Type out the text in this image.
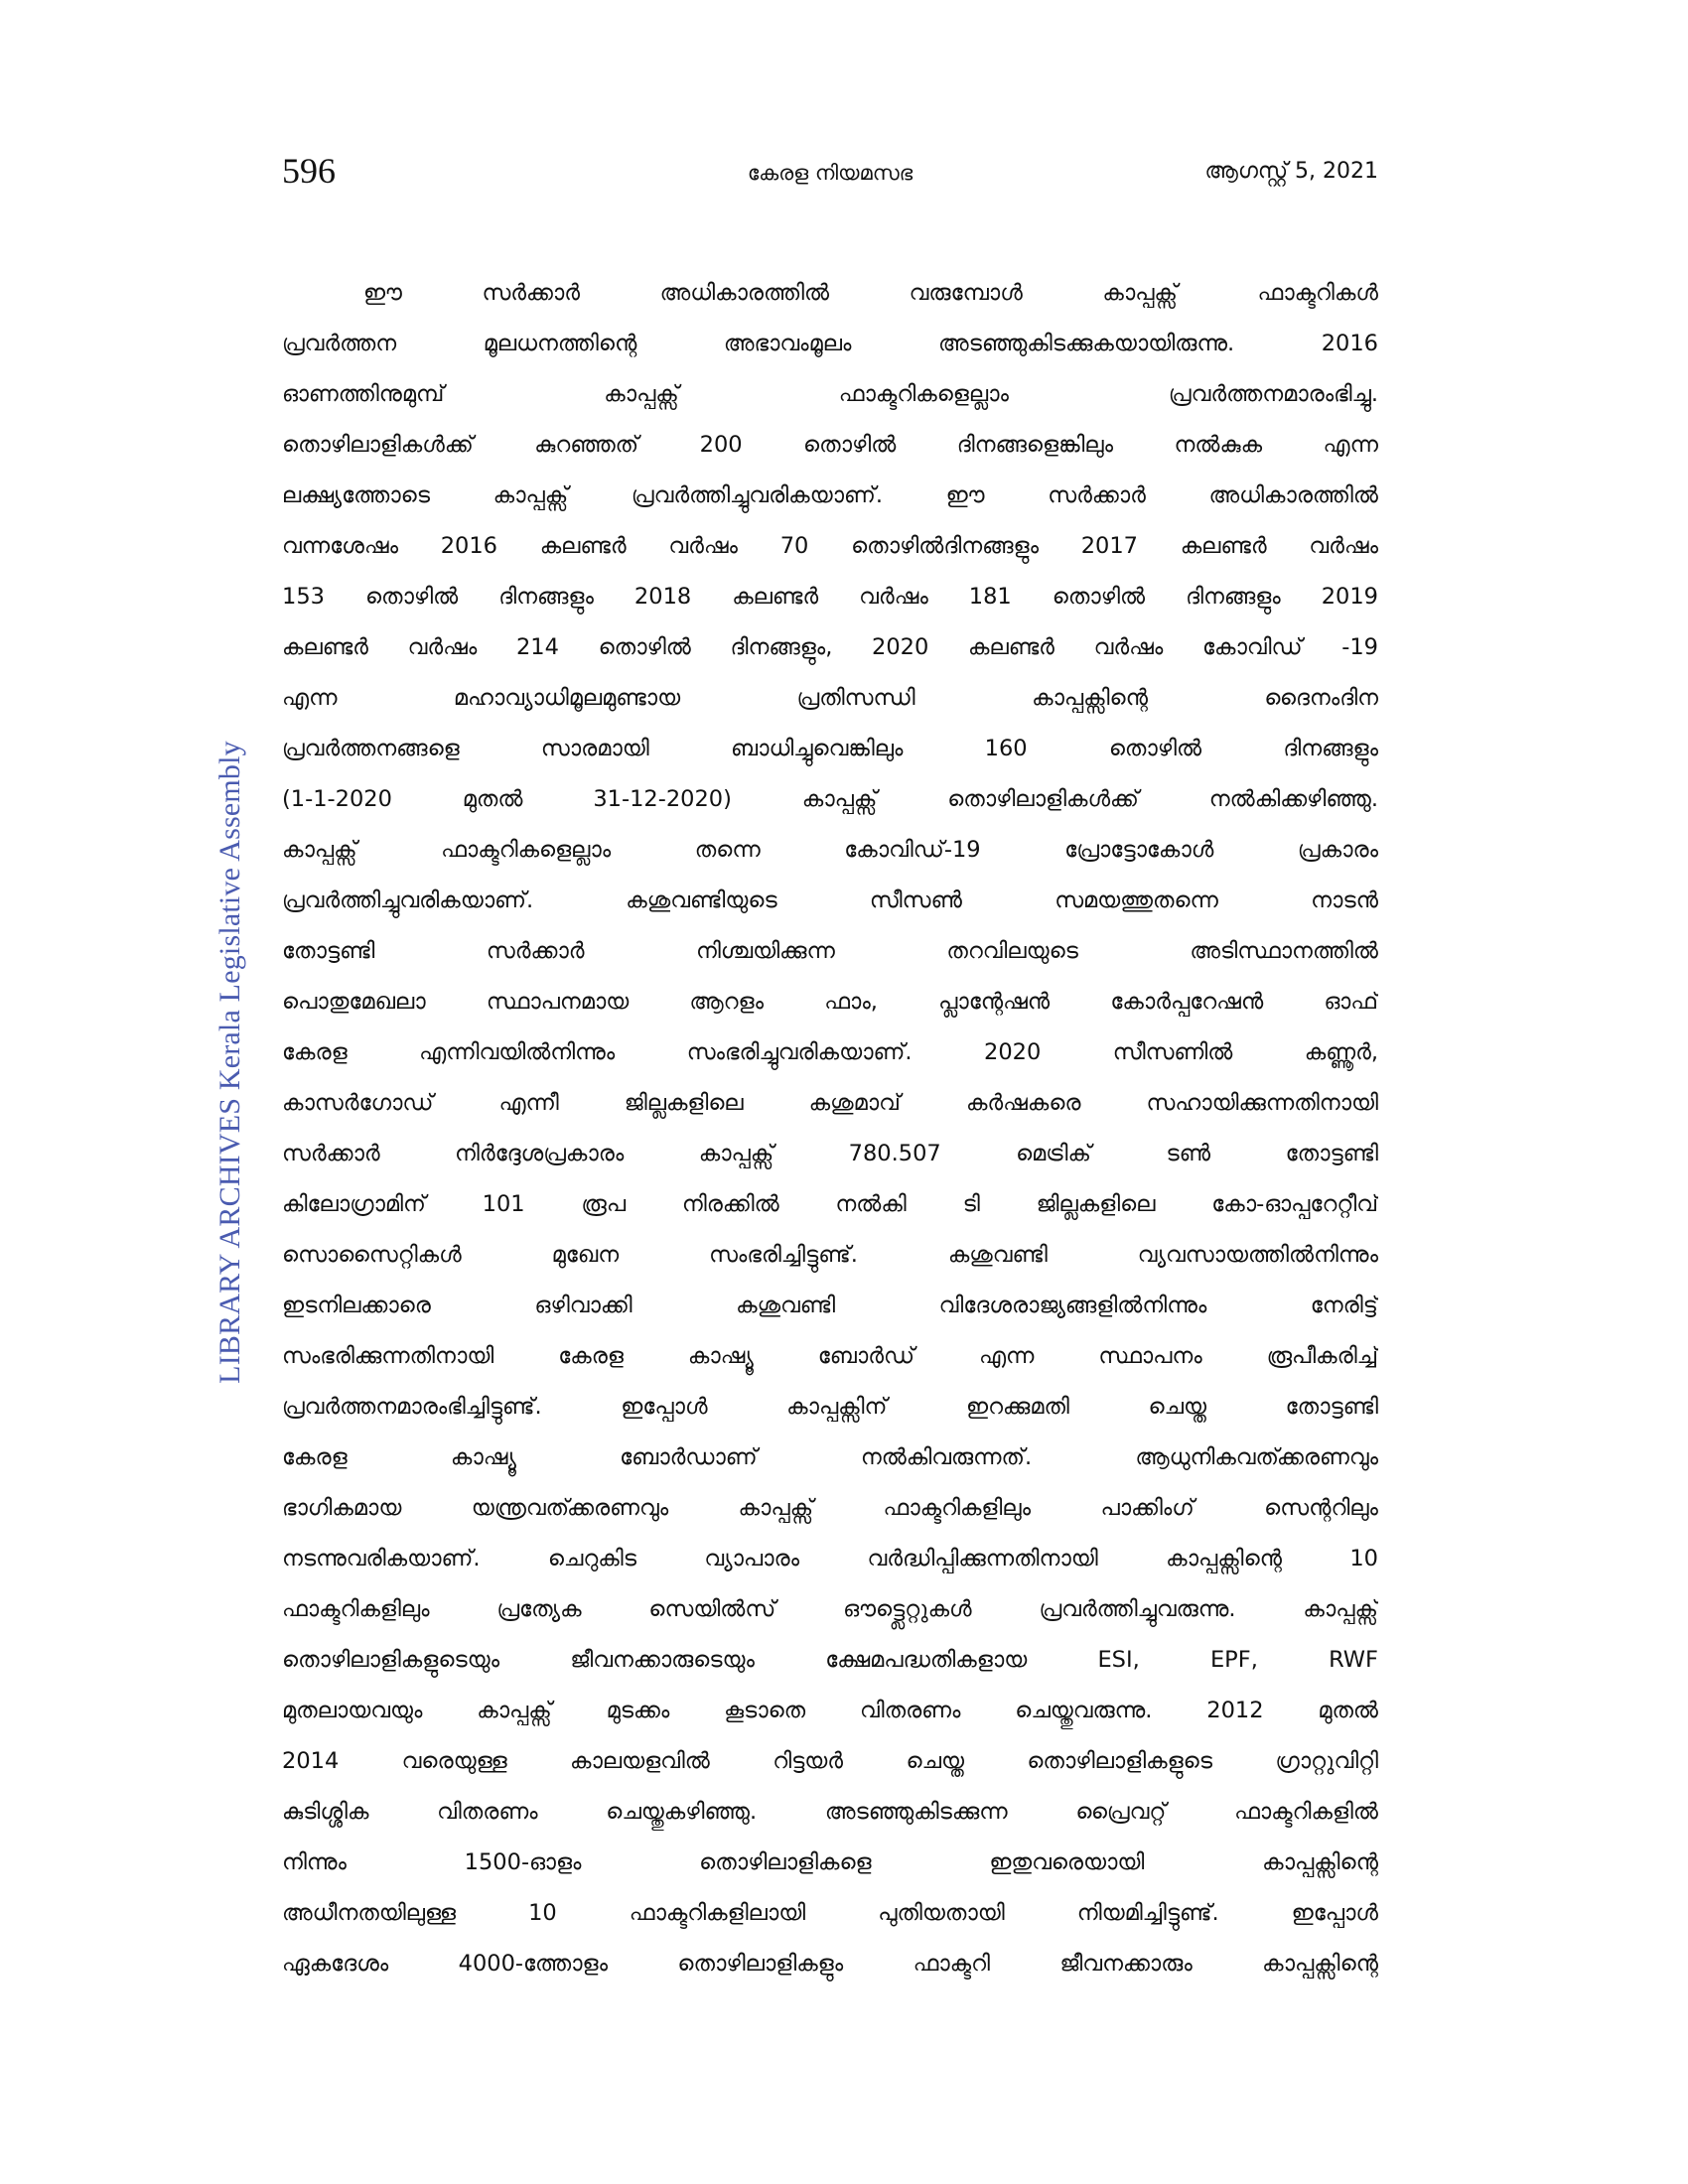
596	കേരള നിയമസഭ	ആഗസ്റ്റ് 5, 2021
LIBRARY ARCHIVES Kerala Legislative Assembly
ഈ സർക്കാർ അധികാരത്തിൽ വരുമ്പോൾ കാപ്പക്സ് ഫാക്ടറികൾ
പ്രവർത്തന മൂലധനത്തിന്റെ അഭാവംമൂലം അടഞ്ഞുകിടക്കുകയായിരുന്നു. 2016
ഓണത്തിനുമുമ്പ് കാപ്പക്സ് ഫാക്ടറികളെല്ലാം പ്രവർത്തനമാരംഭിച്ചു.
തൊഴിലാളികൾക്ക് കുറഞ്ഞത് 200 തൊഴിൽ ദിനങ്ങളെങ്കിലും നൽകുക എന്ന
ലക്ഷ്യത്തോടെ കാപ്പക്സ് പ്രവർത്തിച്ചുവരികയാണ്. ഈ സർക്കാർ അധികാരത്തിൽ
വന്നശേഷം 2016 കലണ്ടർ വർഷം 70 തൊഴിൽദിനങ്ങളും 2017 കലണ്ടർ വർഷം
153 തൊഴിൽ ദിനങ്ങളും 2018 കലണ്ടർ വർഷം 181 തൊഴിൽ ദിനങ്ങളും 2019
കലണ്ടർ വർഷം 214 തൊഴിൽ ദിനങ്ങളും, 2020 കലണ്ടർ വർഷം കോവിഡ് -19
എന്ന മഹാവ്യാധിമൂലമുണ്ടായ പ്രതിസന്ധി കാപ്പക്സിന്റെ ദൈനംദിന
പ്രവർത്തനങ്ങളെ സാരമായി ബാധിച്ചുവെങ്കിലും 160 തൊഴിൽ ദിനങ്ങളും
(1-1-2020 മുതൽ 31-12-2020) കാപ്പക്സ് തൊഴിലാളികൾക്ക് നൽകിക്കഴിഞ്ഞു.
കാപ്പക്സ് ഫാക്ടറികളെല്ലാം തന്നെ കോവിഡ്-19 പ്രോട്ടോകോൾ പ്രകാരം
പ്രവർത്തിച്ചുവരികയാണ്. കശുവണ്ടിയുടെ സീസൺ സമയത്തുതന്നെ നാടൻ
തോട്ടണ്ടി സർക്കാർ നിശ്ചയിക്കുന്ന തറവിലയുടെ അടിസ്ഥാനത്തിൽ
പൊതുമേഖലാ സ്ഥാപനമായ ആറളം ഫാം, പ്ലാന്റേഷൻ കോർപ്പറേഷൻ ഓഫ്
കേരള എന്നിവയിൽനിന്നും സംഭരിച്ചുവരികയാണ്. 2020 സീസണിൽ കണ്ണൂർ,
കാസർഗോഡ് എന്നീ ജില്ലകളിലെ കശുമാവ് കർഷകരെ സഹായിക്കുന്നതിനായി
സർക്കാർ നിർദ്ദേശപ്രകാരം കാപ്പക്സ് 780.507 മെട്രിക് ടൺ തോട്ടണ്ടി
കിലോഗ്രാമിന് 101 രൂപ നിരക്കിൽ നൽകി ടി ജില്ലകളിലെ കോ-ഓപ്പറേറ്റീവ്
സൊസൈറ്റികൾ മുഖേന സംഭരിച്ചിട്ടുണ്ട്. കശുവണ്ടി വ്യവസായത്തിൽനിന്നും
ഇടനിലക്കാരെ ഒഴിവാക്കി കശുവണ്ടി വിദേശരാജ്യങ്ങളിൽനിന്നും നേരിട്ട്
സംഭരിക്കുന്നതിനായി കേരള കാഷ്യൂ ബോർഡ് എന്ന സ്ഥാപനം രൂപീകരിച്ച്
പ്രവർത്തനമാരംഭിച്ചിട്ടുണ്ട്. ഇപ്പോൾ കാപ്പക്സിന് ഇറക്കുമതി ചെയ്ത തോട്ടണ്ടി
കേരള കാഷ്യൂ ബോർഡാണ് നൽകിവരുന്നത്. ആധുനികവത്ക്കരണവും
ഭാഗികമായ യന്ത്രവത്ക്കരണവും കാപ്പക്സ് ഫാക്ടറികളിലും പാക്കിംഗ് സെന്ററിലും
നടന്നുവരികയാണ്. ചെറുകിട വ്യാപാരം വർദ്ധിപ്പിക്കുന്നതിനായി കാപ്പക്സിന്റെ 10
ഫാക്ടറികളിലും പ്രത്യേക സെയിൽസ് ഔട്ട്ലെറ്റുകൾ പ്രവർത്തിച്ചുവരുന്നു. കാപ്പക്സ്
തൊഴിലാളികളുടെയും ജീവനക്കാരുടെയും ക്ഷേമപദ്ധതികളായ ESI, EPF, RWF
മുതലായവയും കാപ്പക്സ് മുടക്കം കൂടാതെ വിതരണം ചെയ്തുവരുന്നു. 2012 മുതൽ
2014 വരെയുള്ള കാലയളവിൽ റിട്ടയർ ചെയ്ത തൊഴിലാളികളുടെ ഗ്രാറ്റുവിറ്റി
കുടിശ്ശിക വിതരണം ചെയ്തുകഴിഞ്ഞു. അടഞ്ഞുകിടക്കുന്ന പ്രൈവറ്റ് ഫാക്ടറികളിൽ
നിന്നും 1500-ഓളം തൊഴിലാളികളെ ഇതുവരെയായി കാപ്പക്സിന്റെ
അധീനതയിലുള്ള 10 ഫാക്ടറികളിലായി പുതിയതായി നിയമിച്ചിട്ടുണ്ട്. ഇപ്പോൾ
ഏകദേശം 4000-ത്തോളം തൊഴിലാളികളും ഫാക്ടറി ജീവനക്കാരും കാപ്പക്സിന്റെ
